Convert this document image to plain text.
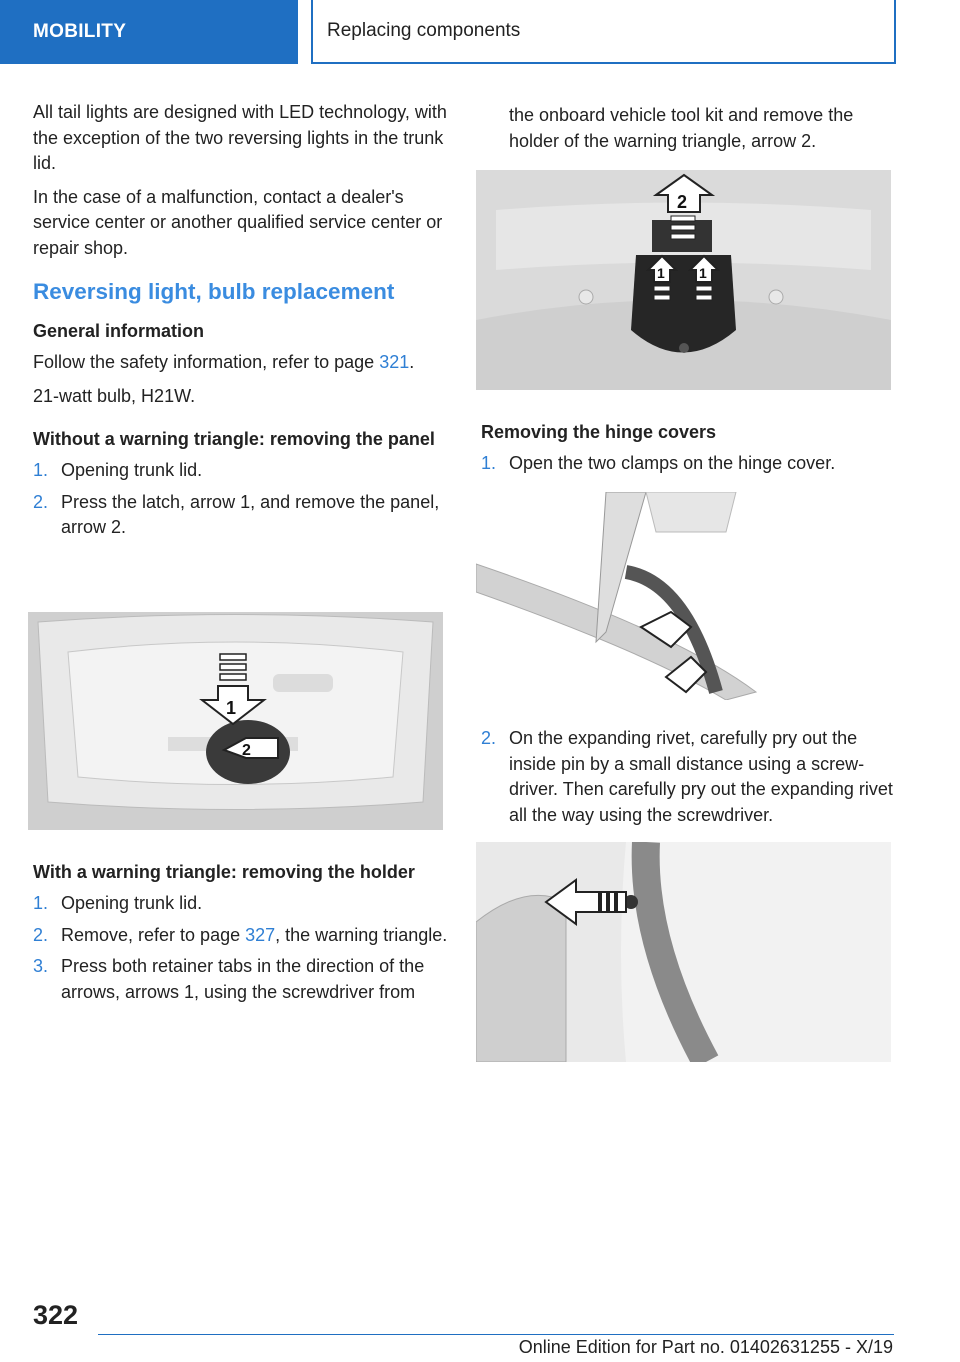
MOBILITY	Replacing components

All tail lights are designed with LED technology, with the exception of the two reversing lights in the trunk lid.

In the case of a malfunction, contact a dealer's service center or another qualified service center or repair shop.

Reversing light, bulb replacement
General information

Follow the safety information, refer to page 321.

21-watt bulb, H21W.

Without a warning triangle: removing the panel
1. Opening trunk lid.
2. Press the latch, arrow 1, and remove the panel, arrow 2.
1
2
With a warning triangle: removing the holder
1. Opening trunk lid.
2. Remove, refer to page 327, the warning triangle.
3. Press both retainer tabs in the direction of the arrows, arrows 1, using the screwdriver from

the onboard vehicle tool kit and remove the holder of the warning triangle, arrow 2.

2
1 1
Removing the hinge covers
1. Open the two clamps on the hinge cover.
2. On the expanding rivet, carefully pry out the inside pin by a small distance using a screwdriver. Then carefully pry out the expanding rivet all the way using the screwdriver.
322
Online Edition for Part no. 01402631255 - X/19
